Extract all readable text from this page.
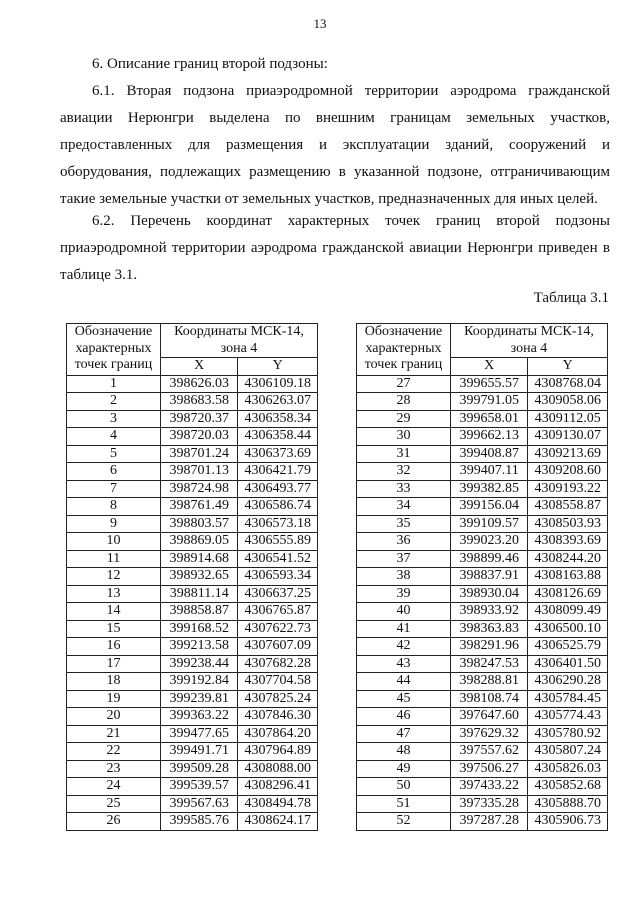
13
6. Описание границ второй подзоны:
6.1. Вторая подзона приаэродромной территории аэродрома гражданской авиации Нерюнгри выделена по внешним границам земельных участков, предоставленных для размещения и эксплуатации зданий, сооружений и оборудования, подлежащих размещению в указанной подзоне, отграничивающим такие земельные участки от земельных участков, предназначенных для иных целей.
6.2. Перечень координат характерных точек границ второй подзоны приаэродромной территории аэродрома гражданской авиации Нерюнгри приведен в таблице 3.1.
Таблица 3.1
Обозначение характерных точек границ	Координаты МСК-14, зона 4	
	X	Y
1	398626.03	4306109.18
2	398683.58	4306263.07
3	398720.37	4306358.34
4	398720.03	4306358.44
5	398701.24	4306373.69
6	398701.13	4306421.79
7	398724.98	4306493.77
8	398761.49	4306586.74
9	398803.57	4306573.18
10	398869.05	4306555.89
11	398914.68	4306541.52
12	398932.65	4306593.34
13	398811.14	4306637.25
14	398858.87	4306765.87
15	399168.52	4307622.73
16	399213.58	4307607.09
17	399238.44	4307682.28
18	399192.84	4307704.58
19	399239.81	4307825.24
20	399363.22	4307846.30
21	399477.65	4307864.20
22	399491.71	4307964.89
23	399509.28	4308088.00
24	399539.57	4308296.41
25	399567.63	4308494.78
26	399585.76	4308624.17
Обозначение характерных точек границ	Координаты МСК-14, зона 4	
	X	Y
27	399655.57	4308768.04
28	399791.05	4309058.06
29	399658.01	4309112.05
30	399662.13	4309130.07
31	399408.87	4309213.69
32	399407.11	4309208.60
33	399382.85	4309193.22
34	399156.04	4308558.87
35	399109.57	4308503.93
36	399023.20	4308393.69
37	398899.46	4308244.20
38	398837.91	4308163.88
39	398930.04	4308126.69
40	398933.92	4308099.49
41	398363.83	4306500.10
42	398291.96	4306525.79
43	398247.53	4306401.50
44	398288.81	4306290.28
45	398108.74	4305784.45
46	397647.60	4305774.43
47	397629.32	4305780.92
48	397557.62	4305807.24
49	397506.27	4305826.03
50	397433.22	4305852.68
51	397335.28	4305888.70
52	397287.28	4305906.73
